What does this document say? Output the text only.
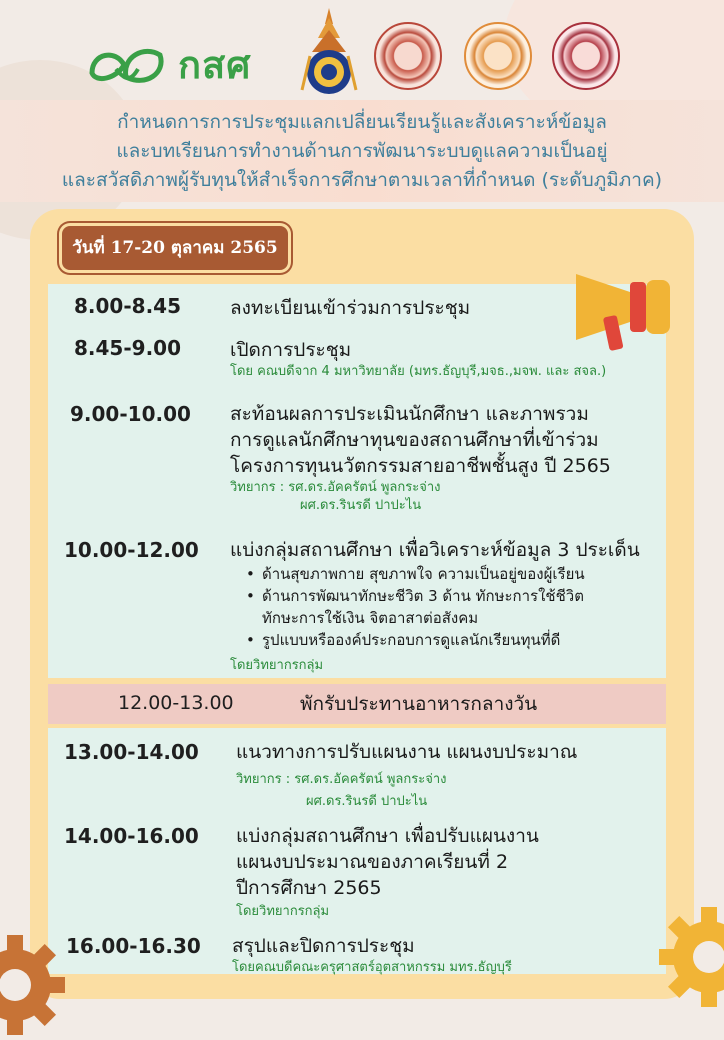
กสศ
กำหนดการการประชุมแลกเปลี่ยนเรียนรู้และสังเคราะห์ข้อมูล
และบทเรียนการทำงานด้านการพัฒนาระบบดูแลความเป็นอยู่
และสวัสดิภาพผู้รับทุนให้สำเร็จการศึกษาตามเวลาที่กำหนด (ระดับภูมิภาค)
วันที่ 17-20 ตุลาคม 2565
8.00-8.45	ลงทะเบียนเข้าร่วมการประชุม
8.45-9.00	เปิดการประชุม
โดย คณบดีจาก 4 มหาวิทยาลัย (มทร.ธัญบุรี,มจธ.,มจพ. และ สจล.)
9.00-10.00 สะท้อนผลการประเมินนักศึกษา และภาพรวม
การดูแลนักศึกษาทุนของสถานศึกษาที่เข้าร่วม
โครงการทุนนวัตกรรมสายอาชีพชั้นสูง ปี 2565
วิทยากร : รศ.ดร.อัคครัตน์ พูลกระจ่าง
ผศ.ดร.รินรดี ปาปะไน
10.00-12.00 แบ่งกลุ่มสถานศึกษา เพื่อวิเคราะห์ข้อมูล 3 ประเด็น
• ด้านสุขภาพกาย สุขภาพใจ ความเป็นอยู่ของผู้เรียน
• ด้านการพัฒนาทักษะชีวิต 3 ด้าน ทักษะการใช้ชีวิต
ทักษะการใช้เงิน จิตอาสาต่อสังคม
• รูปแบบหรือองค์ประกอบการดูแลนักเรียนทุนที่ดี
โดยวิทยากรกลุ่ม
12.00-13.00	พักรับประทานอาหารกลางวัน
13.00-14.00 แนวทางการปรับแผนงาน แผนงบประมาณ
วิทยากร : รศ.ดร.อัคครัตน์ พูลกระจ่าง
ผศ.ดร.รินรดี ปาปะไน
14.00-16.00 แบ่งกลุ่มสถานศึกษา เพื่อปรับแผนงาน
แผนงบประมาณของภาคเรียนที่ 2
ปีการศึกษา 2565
โดยวิทยากรกลุ่ม
16.00-16.30 สรุปและปิดการประชุม
โดยคณบดีคณะครุศาสตร์อุตสาหกรรม มทร.ธัญบุรี
